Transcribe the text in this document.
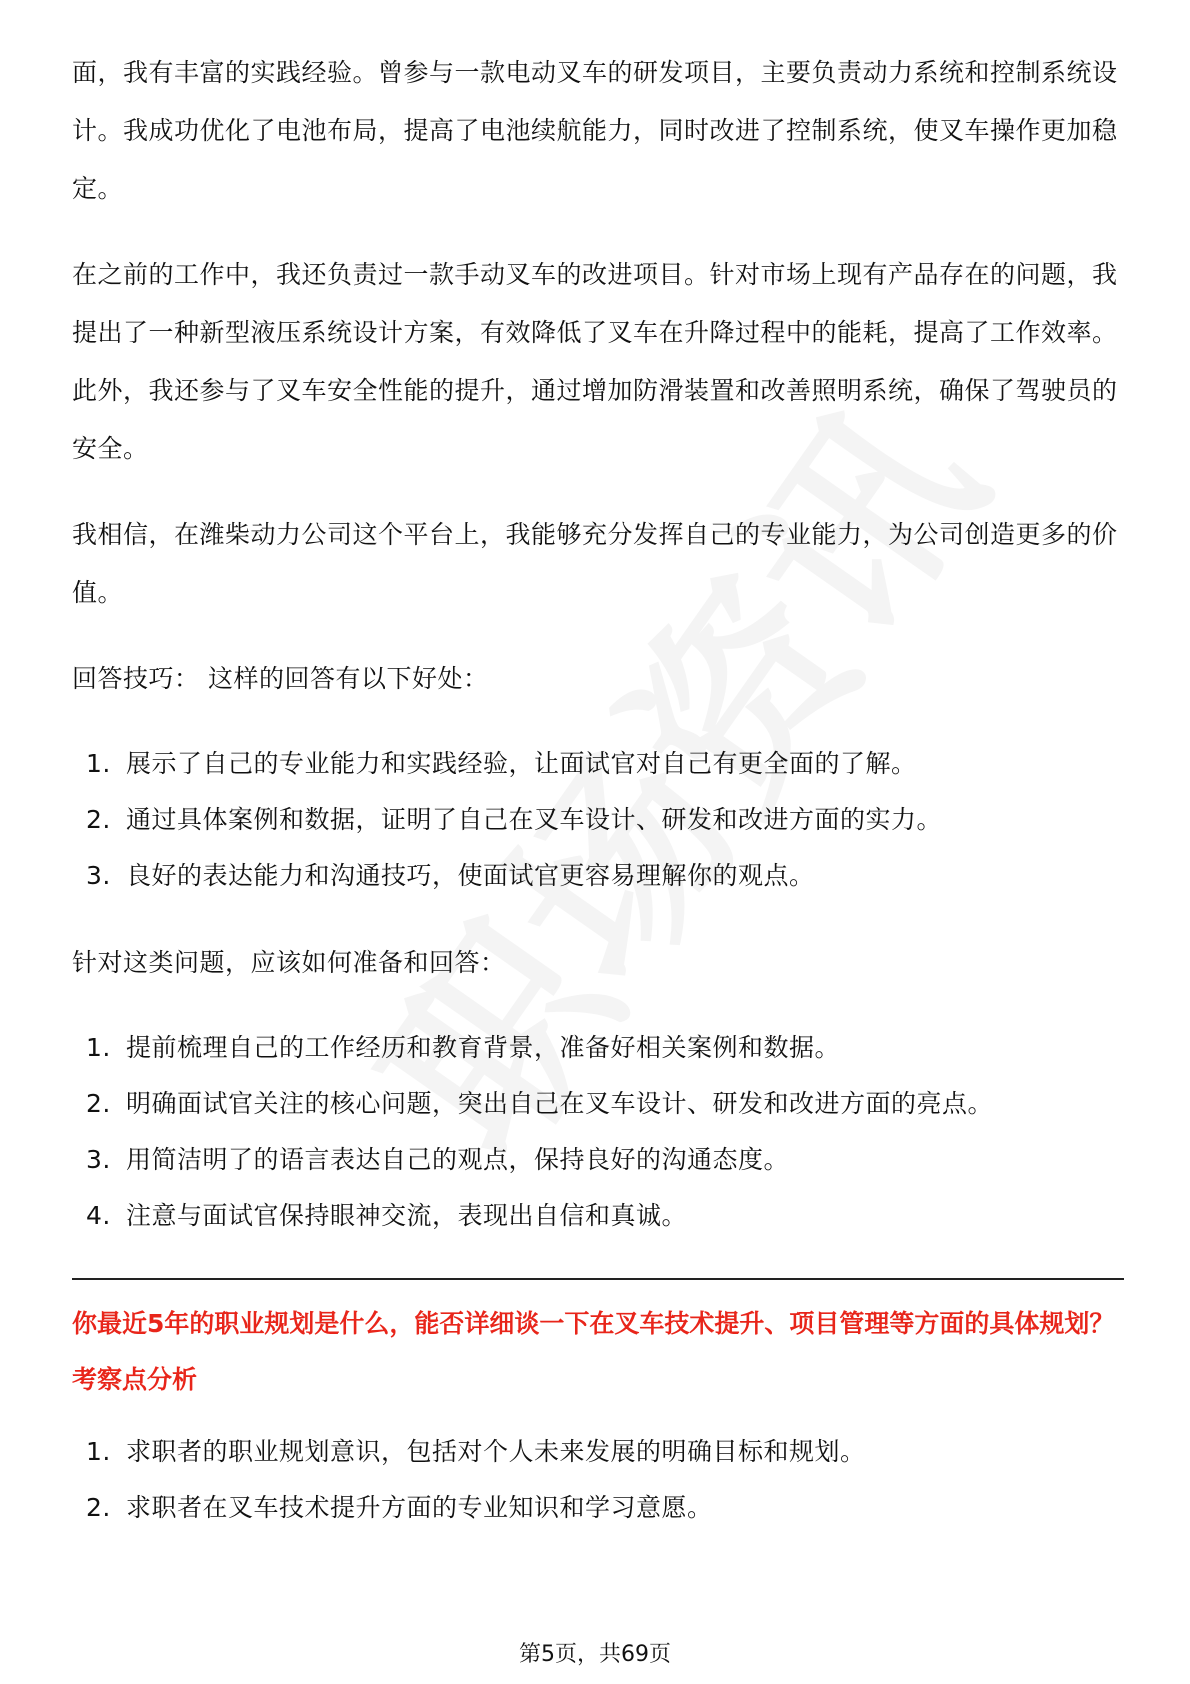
面，我有丰富的实践经验。曾参与一款电动叉车的研发项目，主要负责动力系统和控制系统设计。我成功优化了电池布局，提高了电池续航能力，同时改进了控制系统，使叉车操作更加稳定。

在之前的工作中，我还负责过一款手动叉车的改进项目。针对市场上现有产品存在的问题，我提出了一种新型液压系统设计方案，有效降低了叉车在升降过程中的能耗，提高了工作效率。此外，我还参与了叉车安全性能的提升，通过增加防滑装置和改善照明系统，确保了驾驶员的安全。

我相信，在潍柴动力公司这个平台上，我能够充分发挥自己的专业能力，为公司创造更多的价值。

回答技巧： 这样的回答有以下好处：

1. 展示了自己的专业能力和实践经验，让面试官对自己有更全面的了解。
2. 通过具体案例和数据，证明了自己在叉车设计、研发和改进方面的实力。
3. 良好的表达能力和沟通技巧，使面试官更容易理解你的观点。

针对这类问题，应该如何准备和回答：

1. 提前梳理自己的工作经历和教育背景，准备好相关案例和数据。
2. 明确面试官关注的核心问题，突出自己在叉车设计、研发和改进方面的亮点。
3. 用简洁明了的语言表达自己的观点，保持良好的沟通态度。
4. 注意与面试官保持眼神交流，表现出自信和真诚。
你最近5年的职业规划是什么，能否详细谈一下在叉车技术提升、项目管理等方面的具体规划？
考察点分析
1. 求职者的职业规划意识，包括对个人未来发展的明确目标和规划。
2. 求职者在叉车技术提升方面的专业知识和学习意愿。
第5页，共69页
